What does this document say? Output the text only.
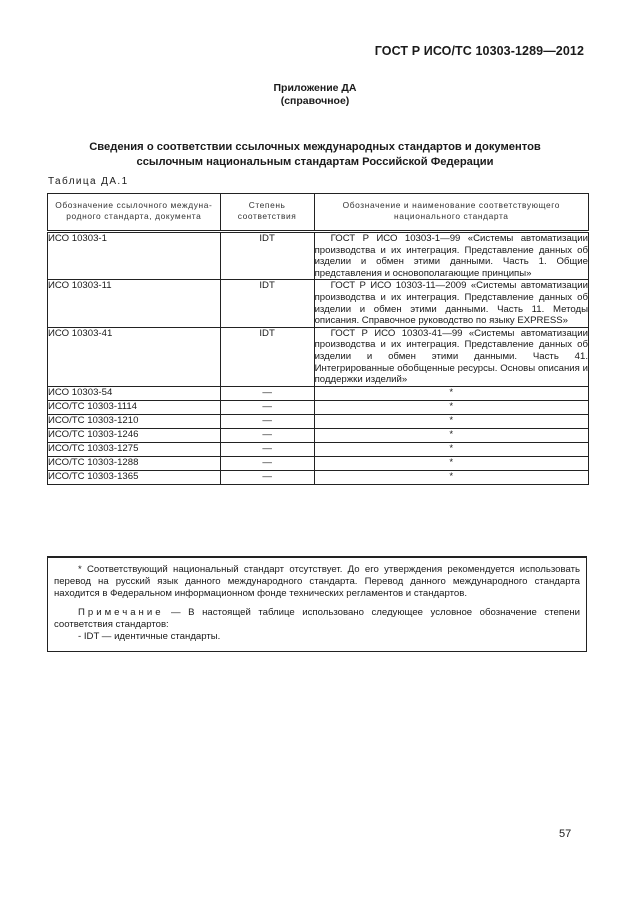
ГОСТ Р ИСО/ТС 10303-1289—2012
Приложение ДА
(справочное)
Сведения о соответствии ссылочных международных стандартов и документов
ссылочным национальным стандартам Российской Федерации
Таблица ДА.1
Обозначение ссылочного междуна-родного стандарта, документа	Степень соответствия	Обозначение и наименование соответствующего национального стандарта
ИСО 10303-1	IDT	ГОСТ Р ИСО 10303-1—99 «Системы автоматизации производства и их интеграция. Представление данных об изделии и обмен этими данными. Часть 1. Общие представления и основополагающие принципы»
ИСО 10303-11	IDT	ГОСТ Р ИСО 10303-11—2009 «Системы автоматизации производства и их интеграция. Представление данных об изделии и обмен этими данными. Часть 11. Методы описания. Справочное руководство по языку EXPRESS»
ИСО 10303-41	IDT	ГОСТ Р ИСО 10303-41—99 «Системы автоматизации производства и их интеграция. Представление данных об изделии и обмен этими данными. Часть 41. Интегрированные обобщенные ресурсы. Основы описания и поддержки изделий»
ИСО 10303-54	—	*
ИСО/ТС 10303-1114	—	*
ИСО/ТС 10303-1210	—	*
ИСО/ТС 10303-1246	—	*
ИСО/ТС 10303-1275	—	*
ИСО/ТС 10303-1288	—	*
ИСО/ТС 10303-1365	—	*

* Соответствующий национальный стандарт отсутствует. До его утверждения рекомендуется использовать перевод на русский язык данного международного стандарта. Перевод данного международного стандарта находится в Федеральном информационном фонде технических регламентов и стандартов.

Примечание — В настоящей таблице использовано следующее условное обозначение степени соответствия стандартов:

- IDT — идентичные стандарты.

57
